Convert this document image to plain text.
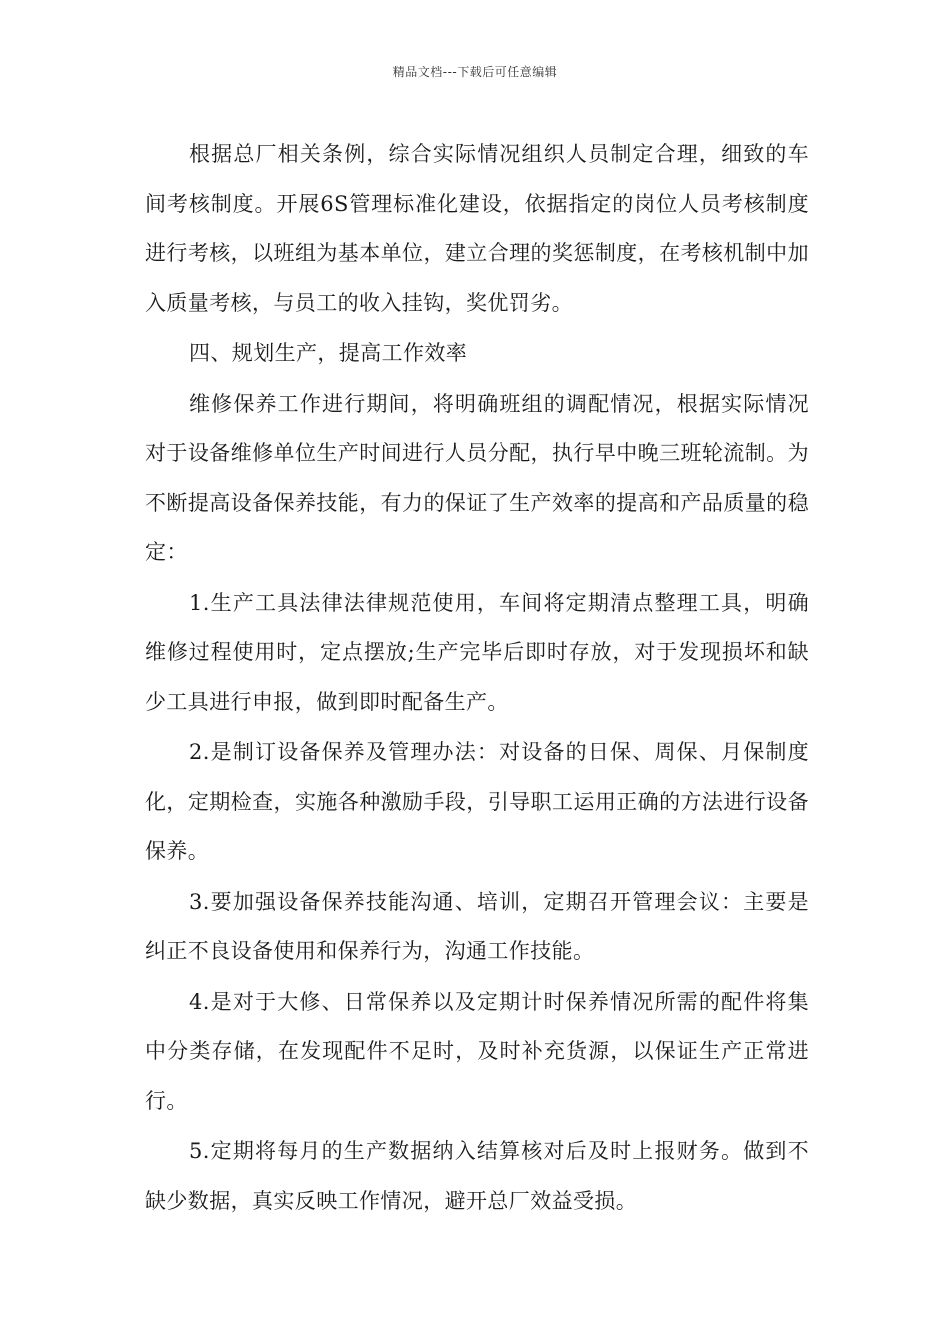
精品文档---下载后可任意编辑

根据总厂相关条例，综合实际情况组织人员制定合理，细致的车间考核制度。开展6S管理标准化建设，依据指定的岗位人员考核制度进行考核，以班组为基本单位，建立合理的奖惩制度，在考核机制中加入质量考核，与员工的收入挂钩，奖优罚劣。

四、规划生产，提高工作效率

维修保养工作进行期间，将明确班组的调配情况，根据实际情况对于设备维修单位生产时间进行人员分配，执行早中晚三班轮流制。为不断提高设备保养技能，有力的保证了生产效率的提高和产品质量的稳定：

1.生产工具法律法律规范使用，车间将定期清点整理工具，明确维修过程使用时，定点摆放;生产完毕后即时存放，对于发现损坏和缺少工具进行申报，做到即时配备生产。

2.是制订设备保养及管理办法：对设备的日保、周保、月保制度化，定期检查，实施各种激励手段，引导职工运用正确的方法进行设备保养。

3.要加强设备保养技能沟通、培训，定期召开管理会议：主要是纠正不良设备使用和保养行为，沟通工作技能。

4.是对于大修、日常保养以及定期计时保养情况所需的配件将集中分类存储，在发现配件不足时，及时补充货源，以保证生产正常进行。

5.定期将每月的生产数据纳入结算核对后及时上报财务。做到不缺少数据，真实反映工作情况，避开总厂效益受损。
